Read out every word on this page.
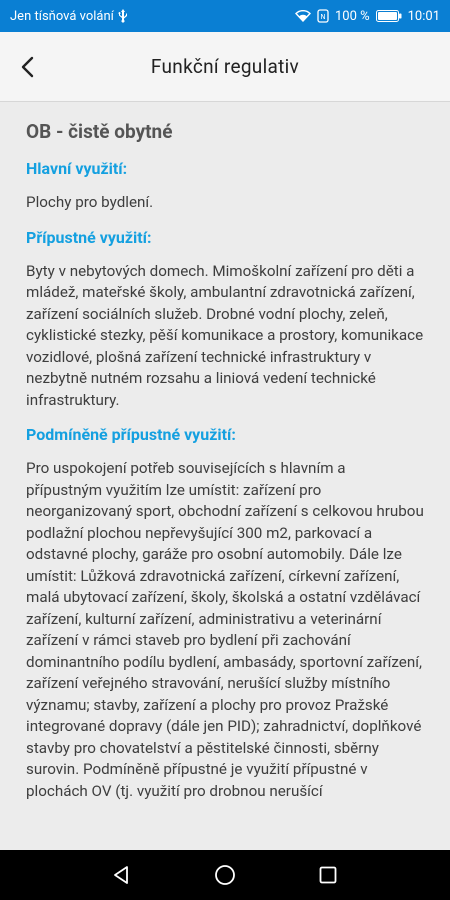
Jen tísňová volání	N 100 %	10:01
Funkční regulativ
OB - čistě obytné
Hlavní využití:
Plochy pro bydlení.
Přípustné využití:
Byty v nebytových domech. Mimoškolní zařízení pro děti a mládež, mateřské školy, ambulantní zdravotnická zařízení, zařízení sociálních služeb. Drobné vodní plochy, zeleň, cyklistické stezky, pěší komunikace a prostory, komunikace vozidlové, plošná zařízení technické infrastruktury v nezbytně nutném rozsahu a liniová vedení technické infrastruktury.
Podmíněně přípustné využití:
Pro uspokojení potřeb souvisejících s hlavním a přípustným využitím lze umístit: zařízení pro neorganizovaný sport, obchodní zařízení s celkovou hrubou podlažní plochou nepřevyšující 300 m2, parkovací a odstavné plochy, garáže pro osobní automobily. Dále lze umístit: Lůžková zdravotnická zařízení, církevní zařízení, malá ubytovací zařízení, školy, školská a ostatní vzdělávací zařízení, kulturní zařízení, administrativu a veterinární zařízení v rámci staveb pro bydlení při zachování dominantního podílu bydlení, ambasády, sportovní zařízení, zařízení veřejného stravování, nerušící služby místního významu; stavby, zařízení a plochy pro provoz Pražské integrované dopravy (dále jen PID); zahradnictví, doplňkové stavby pro chovatelství a pěstitelské činnosti, sběrny surovin. Podmíněně přípustné je využití přípustné v plochách OV (tj. využití pro drobnou nerušící
